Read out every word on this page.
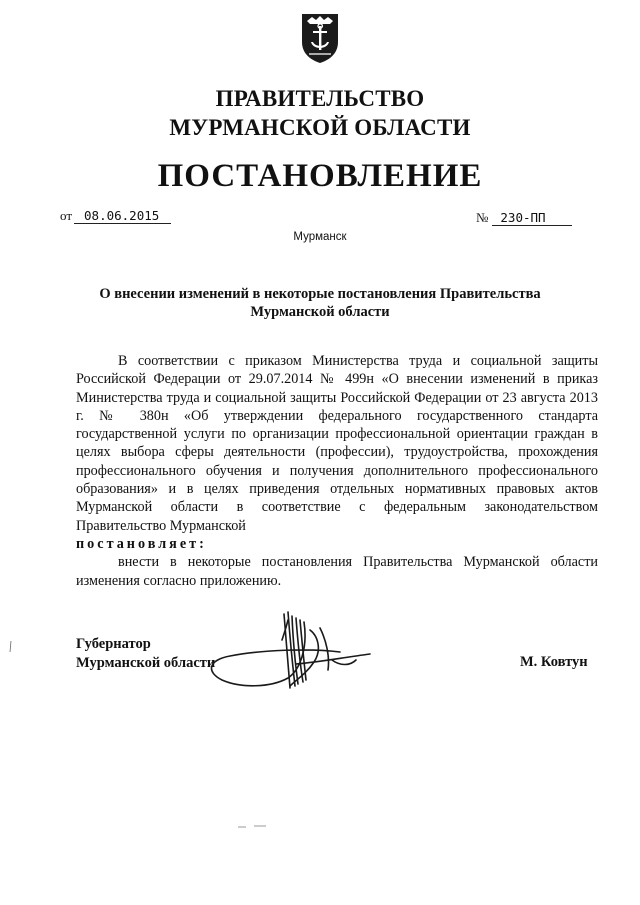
ПРАВИТЕЛЬСТВО
МУРМАНСКОЙ ОБЛАСТИ
ПОСТАНОВЛЕНИЕ
от 08.06.2015	№ 230-ПП
Мурманск
О внесении изменений в некоторые постановления Правительства
Мурманской области

В соответствии с приказом Министерства труда и социальной защиты Российской Федерации от 29.07.2014 № 499н «О внесении изменений в приказ Министерства труда и социальной защиты Российской Федерации от 23 августа 2013 г. № 380н «Об утверждении федерального государственного стандарта государственной услуги по организации профессиональной ориентации граждан в целях выбора сферы деятельности (профессии), трудоустройства, прохождения профессионального обучения и получения дополнительного профессионального образования» и в целях приведения отдельных нормативных правовых актов Мурманской области в соответствие с федеральным законодательством Правительство Мурманской

постановляет:

внести в некоторые постановления Правительства Мурманской области изменения согласно приложению.

Губернатор
Мурманской области	М. Ковтун
